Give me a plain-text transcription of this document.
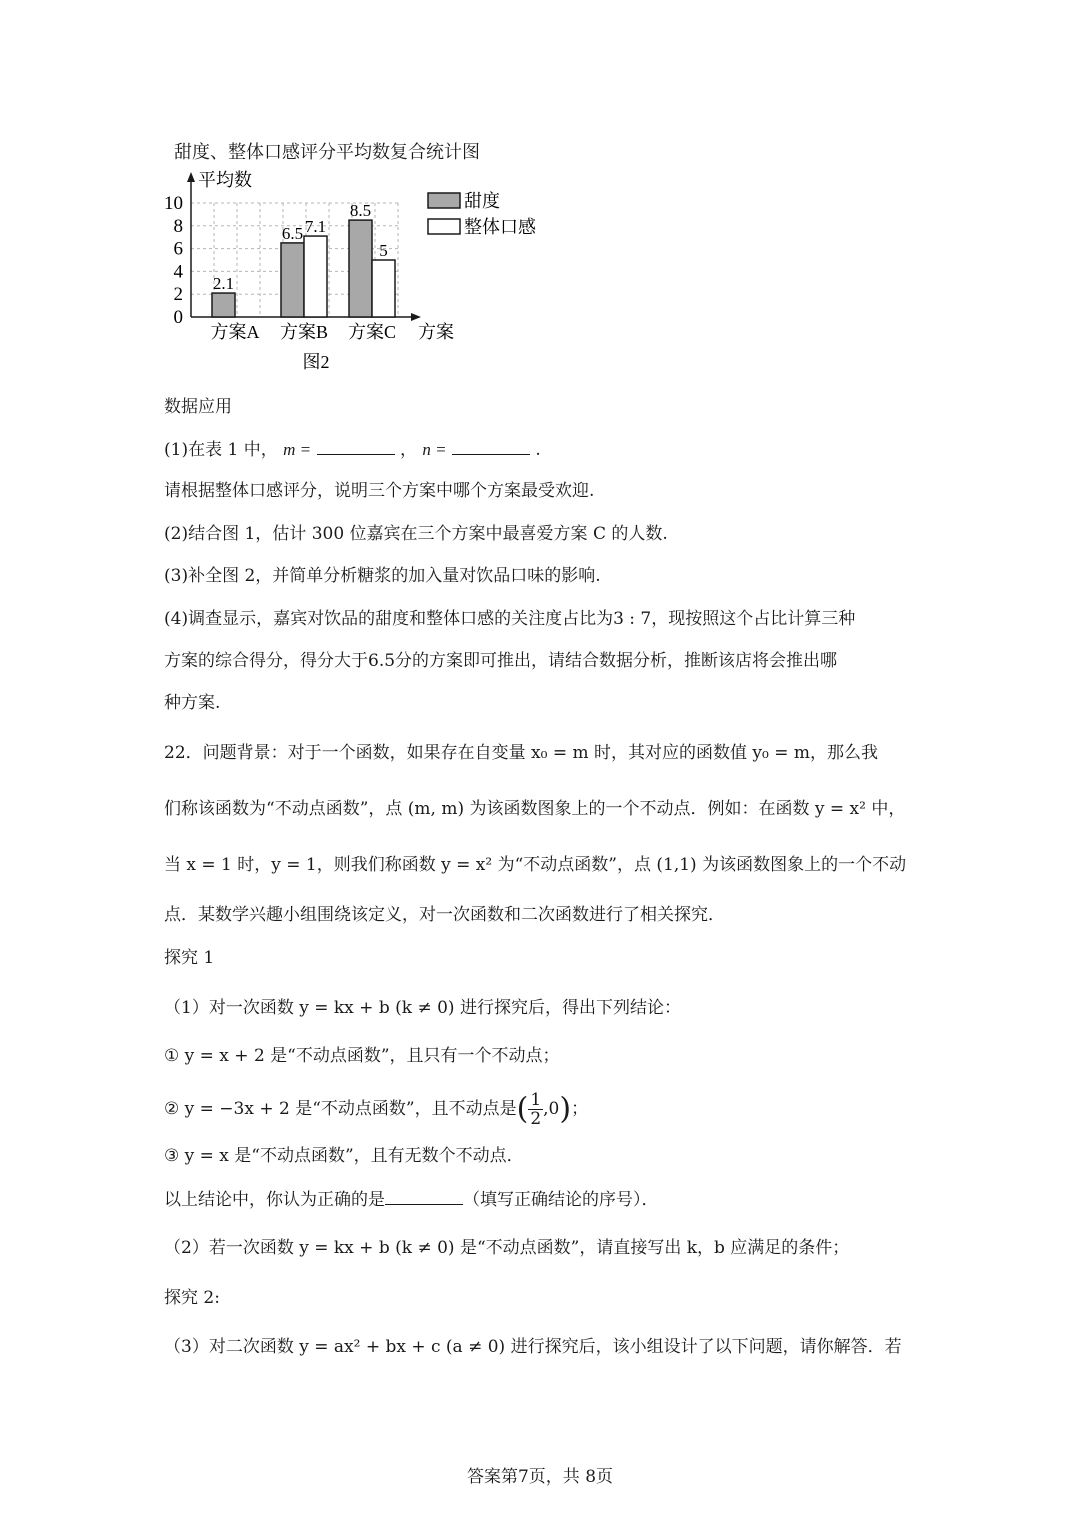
甜度、整体口感评分平均数复合统计图
0
2
4
6
8
10
平均数
方案
2.1
方案A
6.5 7.1
方案B
8.5
5
方案C
图2
甜度
整体口感
数据应用
(1)在表 1 中， m =	， n =	.
请根据整体口感评分，说明三个方案中哪个方案最受欢迎.
(2)结合图 1，估计 300 位嘉宾在三个方案中最喜爱方案 C 的人数.
(3)补全图 2，并简单分析糖浆的加入量对饮品口味的影响.
(4)调查显示，嘉宾对饮品的甜度和整体口感的关注度占比为3 : 7，现按照这个占比计算三种
方案的综合得分，得分大于6.5分的方案即可推出，请结合数据分析，推断该店将会推出哪
种方案.
22．问题背景：对于一个函数，如果存在自变量 x₀ = m 时，其对应的函数值 y₀ = m，那么我
们称该函数为“不动点函数”，点 (m, m) 为该函数图象上的一个不动点．例如：在函数 y = x² 中，
当 x = 1 时，y = 1，则我们称函数 y = x² 为“不动点函数”，点 (1,1) 为该函数图象上的一个不动
点．某数学兴趣小组围绕该定义，对一次函数和二次函数进行了相关探究．
探究 1
（1）对一次函数 y = kx + b (k ≠ 0) 进行探究后，得出下列结论：
① y = x + 2 是“不动点函数”，且只有一个不动点；
② y = −3x + 2 是“不动点函数”，且不动点是( $\frac{1}{2} ,0$)；
③ y = x 是“不动点函数”，且有无数个不动点．
以上结论中，你认为正确的是	（填写正确结论的序号）．
（2）若一次函数 y = kx + b (k ≠ 0) 是“不动点函数”，请直接写出 k，b 应满足的条件；
探究 2:
（3）对二次函数 y = ax² + bx + c (a ≠ 0) 进行探究后，该小组设计了以下问题，请你解答．若
答案第7页，共 8页
